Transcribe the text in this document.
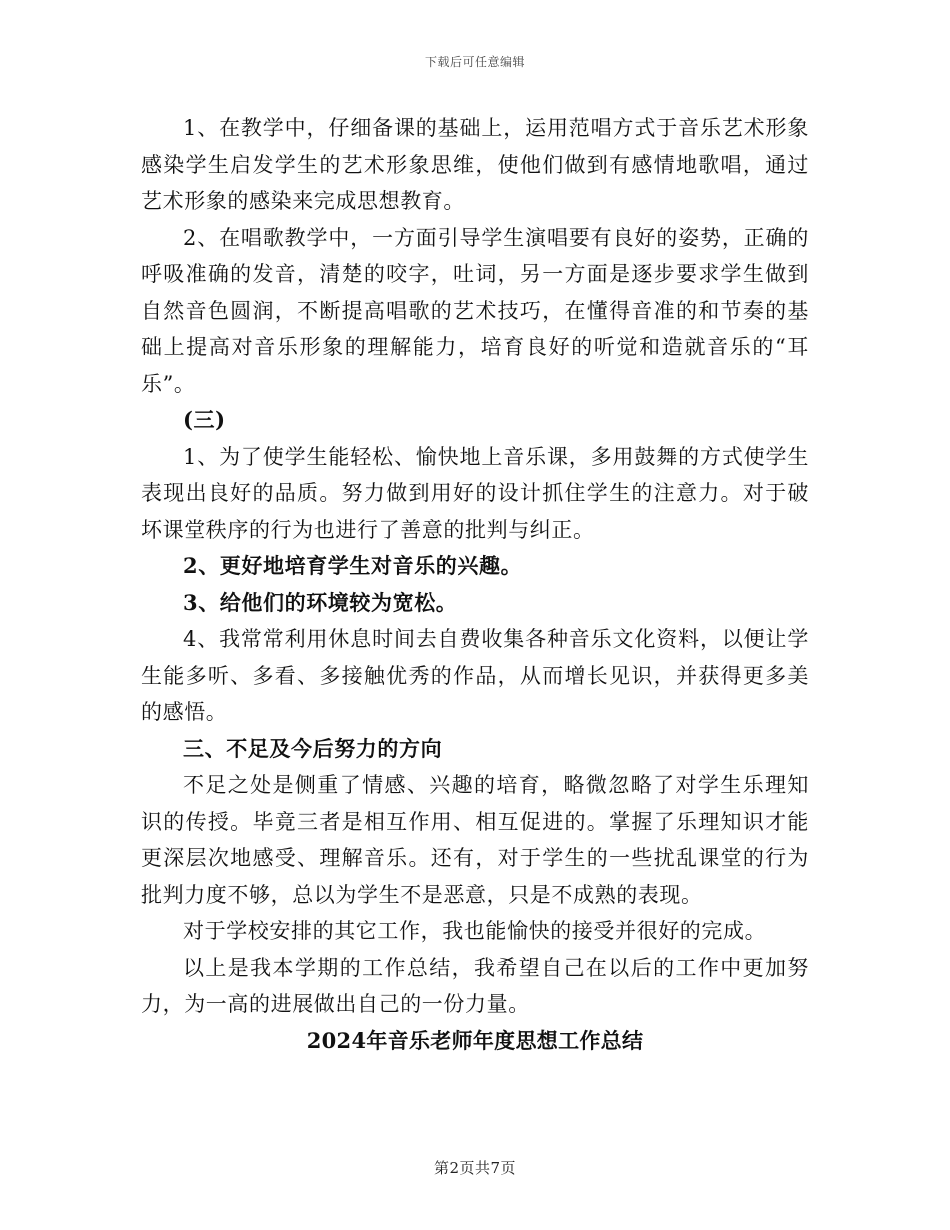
下载后可任意编辑

1、在教学中，仔细备课的基础上，运用范唱方式于音乐艺术形象感染学生启发学生的艺术形象思维，使他们做到有感情地歌唱，通过艺术形象的感染来完成思想教育。

2、在唱歌教学中，一方面引导学生演唱要有良好的姿势，正确的呼吸准确的发音，清楚的咬字，吐词，另一方面是逐步要求学生做到自然音色圆润，不断提高唱歌的艺术技巧，在懂得音准的和节奏的基础上提高对音乐形象的理解能力，培育良好的听觉和造就音乐的“耳乐”。

(三)

1、为了使学生能轻松、愉快地上音乐课，多用鼓舞的方式使学生表现出良好的品质。努力做到用好的设计抓住学生的注意力。对于破坏课堂秩序的行为也进行了善意的批判与纠正。

2、更好地培育学生对音乐的兴趣。

3、给他们的环境较为宽松。

4、我常常利用休息时间去自费收集各种音乐文化资料，以便让学生能多听、多看、多接触优秀的作品，从而增长见识，并获得更多美的感悟。

三、不足及今后努力的方向

不足之处是侧重了情感、兴趣的培育，略微忽略了对学生乐理知识的传授。毕竟三者是相互作用、相互促进的。掌握了乐理知识才能更深层次地感受、理解音乐。还有，对于学生的一些扰乱课堂的行为批判力度不够，总以为学生不是恶意，只是不成熟的表现。

对于学校安排的其它工作，我也能愉快的接受并很好的完成。

以上是我本学期的工作总结，我希望自己在以后的工作中更加努力，为一高的进展做出自己的一份力量。

2024年音乐老师年度思想工作总结

第2页共7页
